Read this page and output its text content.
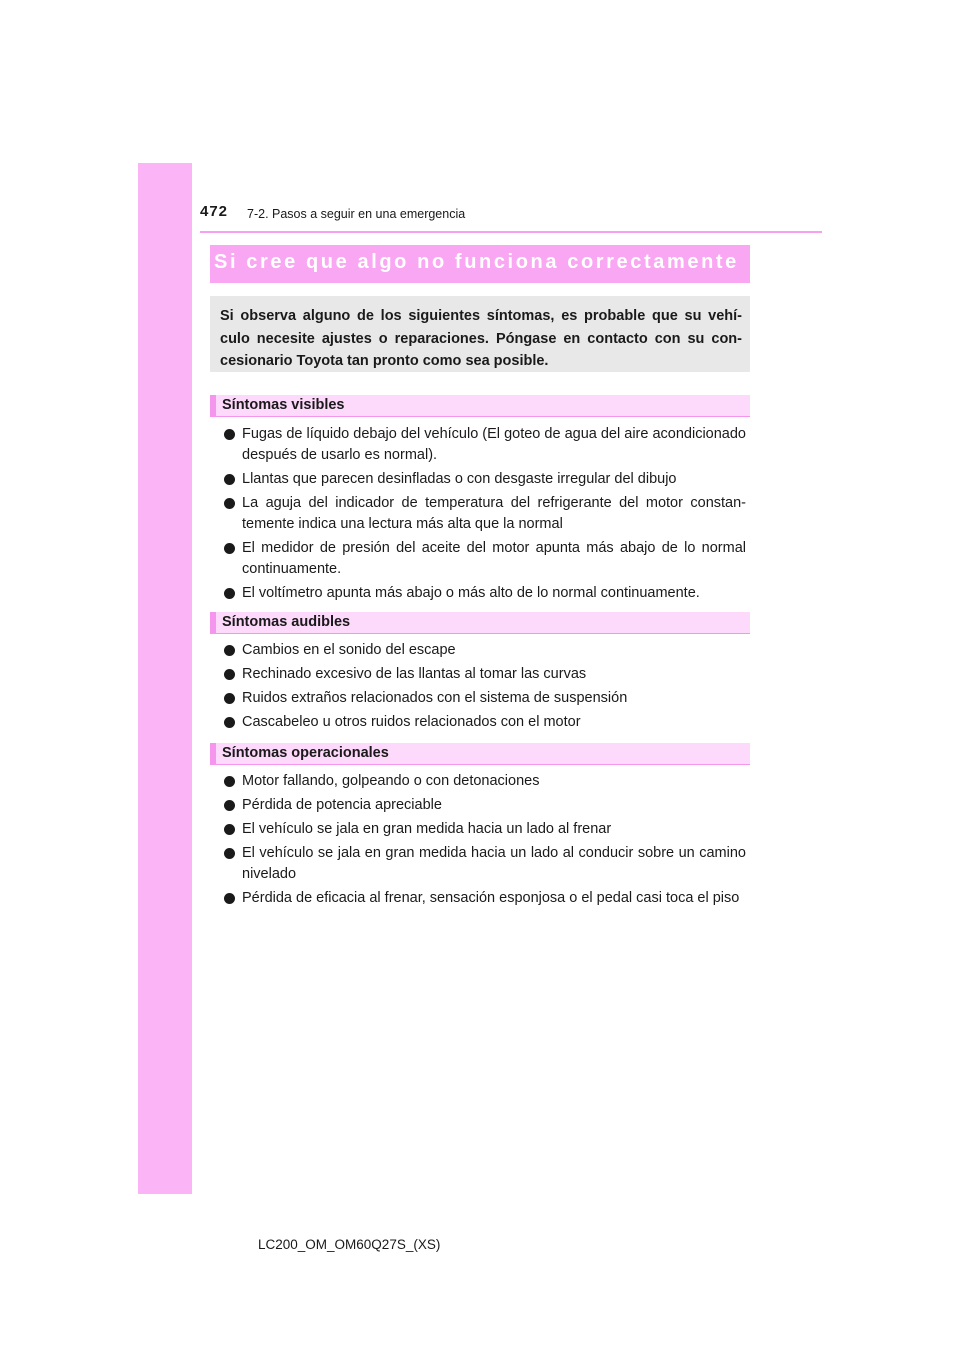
472 7-2. Pasos a seguir en una emergencia
Si cree que algo no funciona correctamente
Si observa alguno de los siguientes síntomas, es probable que su vehí-culo necesite ajustes o reparaciones. Póngase en contacto con su con-cesionario Toyota tan pronto como sea posible.
Síntomas visibles
Fugas de líquido debajo del vehículo (El goteo de agua del aire acondicionado después de usarlo es normal).
Llantas que parecen desinfladas o con desgaste irregular del dibujo
La aguja del indicador de temperatura del refrigerante del motor constan-temente indica una lectura más alta que la normal
El medidor de presión del aceite del motor apunta más abajo de lo normal continuamente.
El voltímetro apunta más abajo o más alto de lo normal continuamente.
Síntomas audibles
Cambios en el sonido del escape
Rechinado excesivo de las llantas al tomar las curvas
Ruidos extraños relacionados con el sistema de suspensión
Cascabeleo u otros ruidos relacionados con el motor
Síntomas operacionales
Motor fallando, golpeando o con detonaciones
Pérdida de potencia apreciable
El vehículo se jala en gran medida hacia un lado al frenar
El vehículo se jala en gran medida hacia un lado al conducir sobre un camino nivelado
Pérdida de eficacia al frenar, sensación esponjosa o el pedal casi toca el piso
LC200_OM_OM60Q27S_(XS)
